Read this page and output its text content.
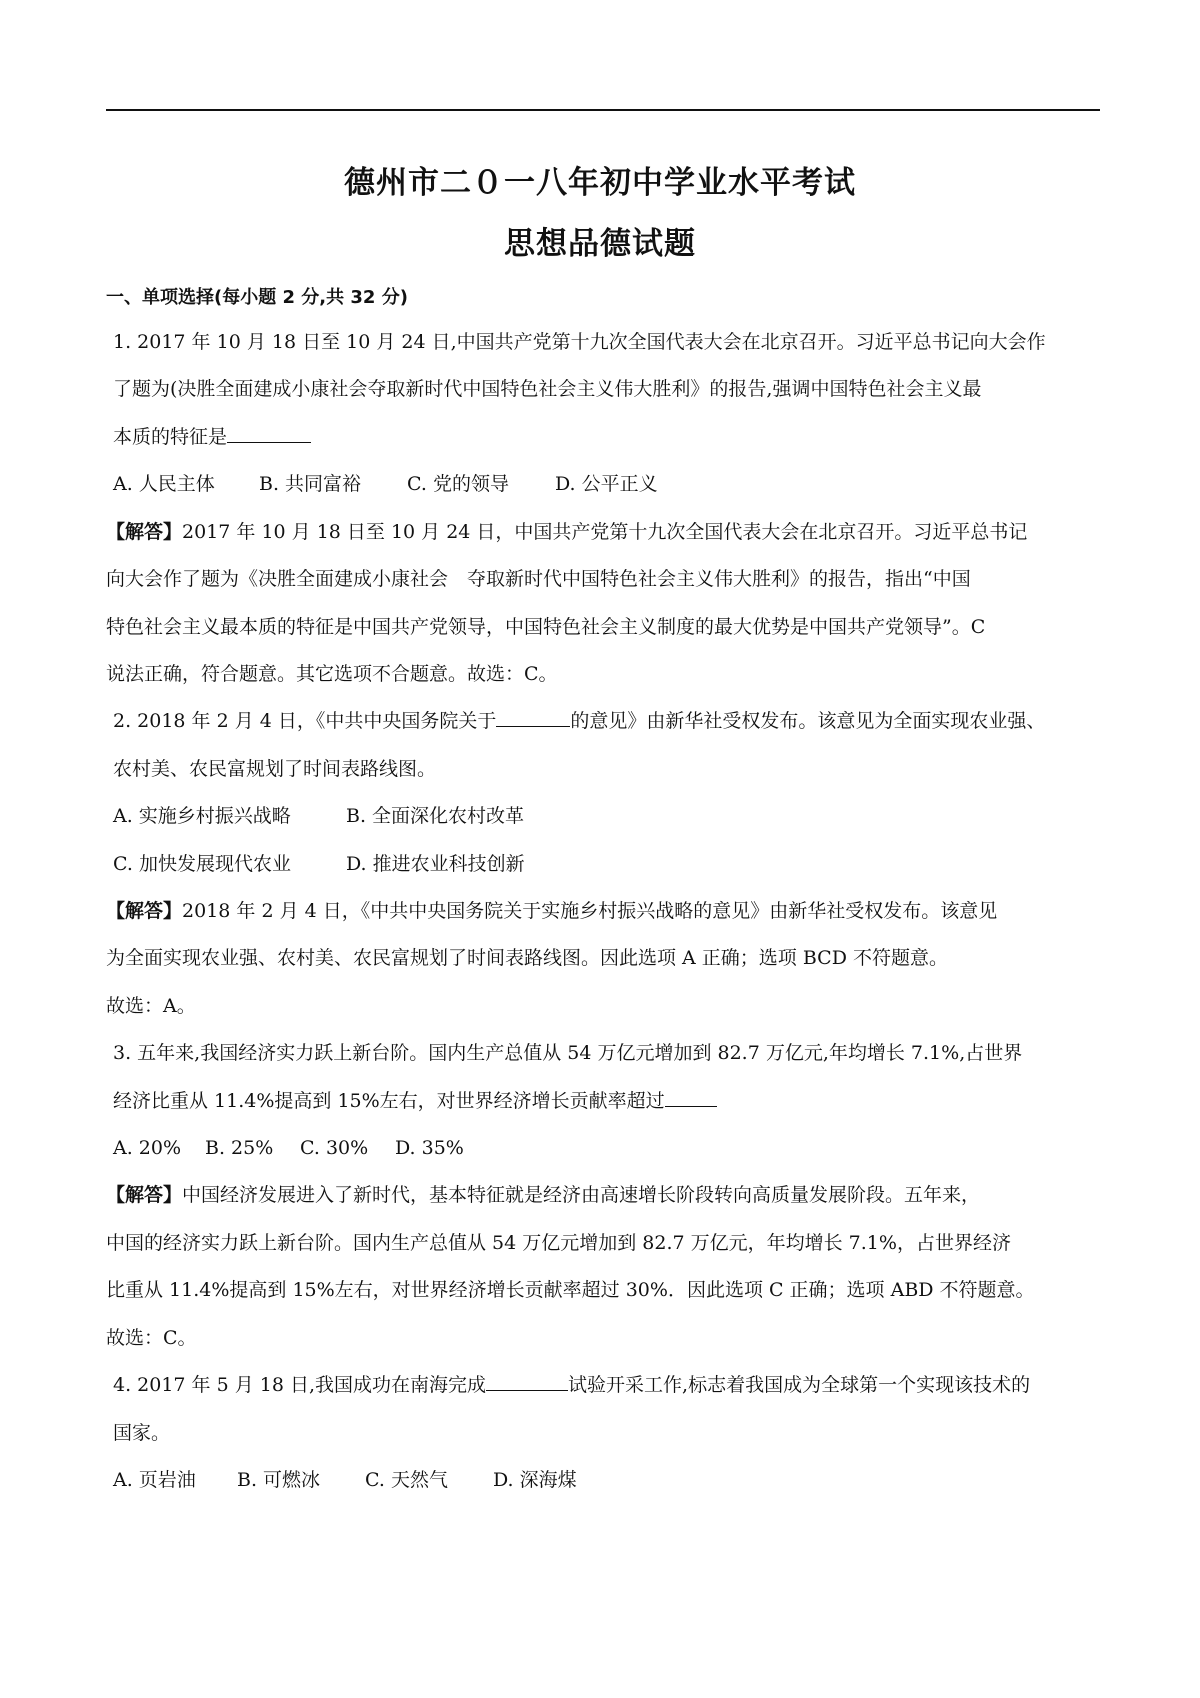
德州市二０一八年初中学业水平考试
思想品德试题
一、单项选择(每小题 2 分,共 32 分)
1. 2017 年 10 月 18 日至 10 月 24 日,中国共产党第十九次全国代表大会在北京召开。习近平总书记向大会作
了题为(决胜全面建成小康社会夺取新时代中国特色社会主义伟大胜利》的报告,强调中国特色社会主义最
本质的特征是
A. 人民主体 B. 共同富裕 C. 党的领导 D. 公平正义
【解答】2017 年 10 月 18 日至 10 月 24 日，中国共产党第十九次全国代表大会在北京召开。习近平总书记
向大会作了题为《决胜全面建成小康社会　夺取新时代中国特色社会主义伟大胜利》的报告，指出“中国
特色社会主义最本质的特征是中国共产党领导，中国特色社会主义制度的最大优势是中国共产党领导”。C
说法正确，符合题意。其它选项不合题意。故选：C。
2. 2018 年 2 月 4 日，《中共中央国务院关于	的意见》由新华社受权发布。该意见为全面实现农业强、
农村美、农民富规划了时间表路线图。
A. 实施乡村振兴战略	B. 全面深化农村改革
C. 加快发展现代农业	D. 推进农业科技创新
【解答】2018 年 2 月 4 日，《中共中央国务院关于实施乡村振兴战略的意见》由新华社受权发布。该意见
为全面实现农业强、农村美、农民富规划了时间表路线图。因此选项 A 正确；选项 BCD 不符题意。
故选：A。
3. 五年来,我国经济实力跃上新台阶。国内生产总值从 54 万亿元增加到 82.7 万亿元,年均增长 7.1%,占世界
经济比重从 11.4%提高到 15%左右，对世界经济增长贡献率超过
A. 20% B. 25% C. 30% D. 35%
【解答】中国经济发展进入了新时代，基本特征就是经济由高速增长阶段转向高质量发展阶段。五年来，
中国的经济实力跃上新台阶。国内生产总值从 54 万亿元增加到 82.7 万亿元，年均增长 7.1%，占世界经济
比重从 11.4%提高到 15%左右，对世界经济增长贡献率超过 30%．因此选项 C 正确；选项 ABD 不符题意。
故选：C。
4. 2017 年 5 月 18 日,我国成功在南海完成	试验开采工作,标志着我国成为全球第一个实现该技术的
国家。
A. 页岩油 B. 可燃冰 C. 天然气 D. 深海煤
